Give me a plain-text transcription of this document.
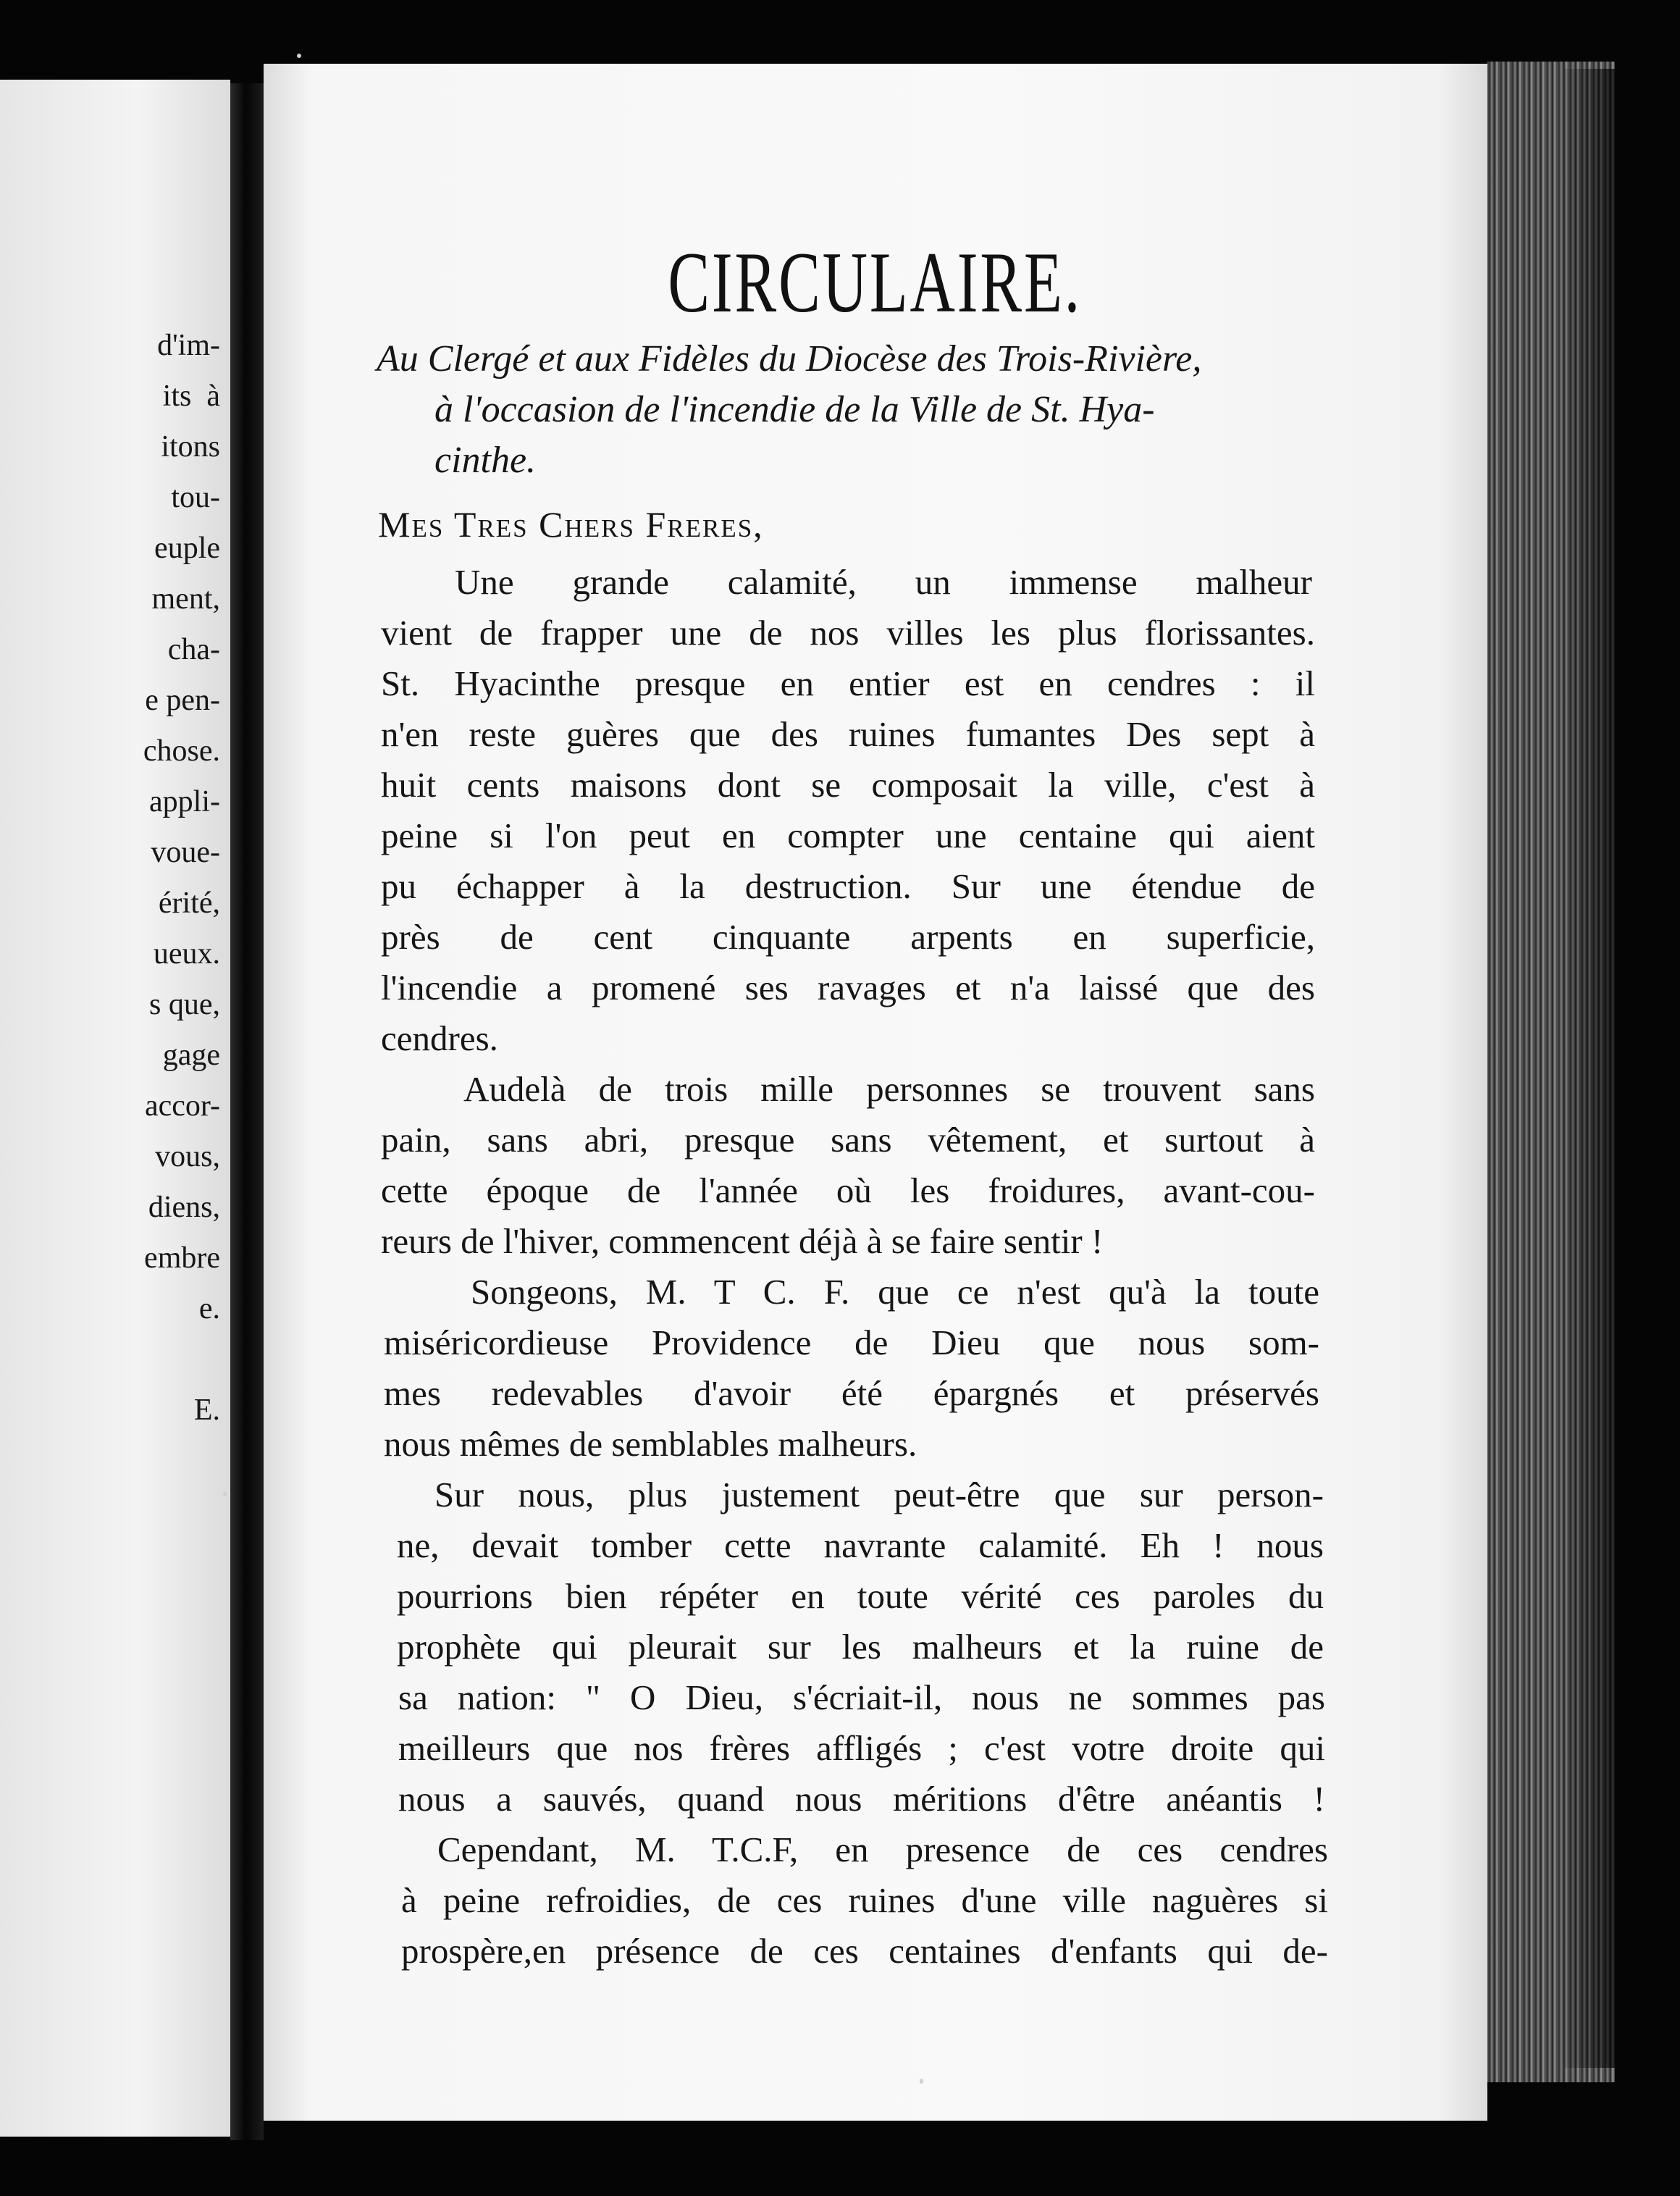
d'im-
its  à
itons
tou-
euple
ment,
cha-
e pen-
chose.
appli-
vouе-
érité,
ueux.
s que,
gage
accor-
vous,
diens,
embre
e.
E.
CIRCULAIRE.
Au Clergé et aux Fidèles du Diocèse des Trois-Rivière,
à l'occasion de l'incendie de la Ville de St. Hya-
cinthe.
Mes Tres Chers Freres,
Une grande calamité, un immense malheur
vient de frapper une de nos villes les plus florissantes.
St. Hyacinthe presque en entier est en cendres : il
n'en reste guères que des ruines fumantes Des sept à
huit cents maisons dont se composait la ville, c'est à
peine si l'on peut en compter une centaine qui aient
pu échapper à la destruction. Sur une étendue de
près de cent cinquante arpents en superficie,
l'incendie a promené ses ravages et n'a laissé que des
cendres.
Audelà de trois mille personnes se trouvent sans
pain, sans abri, presque sans vêtement, et surtout à
cette époque de l'année où les froidures, avant-cou-
reurs de l'hiver, commencent déjà à se faire sentir !
Songeons, M. T C. F. que ce n'est qu'à la toute
miséricordieuse Providence de Dieu que nous som-
mes redevables d'avoir été épargnés et préservés
nous mêmes de semblables malheurs.
Sur nous, plus justement peut-être que sur person-
ne, devait tomber cette navrante calamité. Eh ! nous
pourrions bien répéter en toute vérité ces paroles du
prophète qui pleurait sur les malheurs et la ruine de
sa nation: " O Dieu, s'écriait-il, nous ne sommes pas
meilleurs que nos frères affligés ; c'est votre droite qui
nous a sauvés, quand nous méritions d'être anéantis !
Cependant, M. T.C.F, en presence de ces cendres
à peine refroidies, de ces ruines d'une ville naguères si
prospère,en présence de ces centaines d'enfants qui de-
